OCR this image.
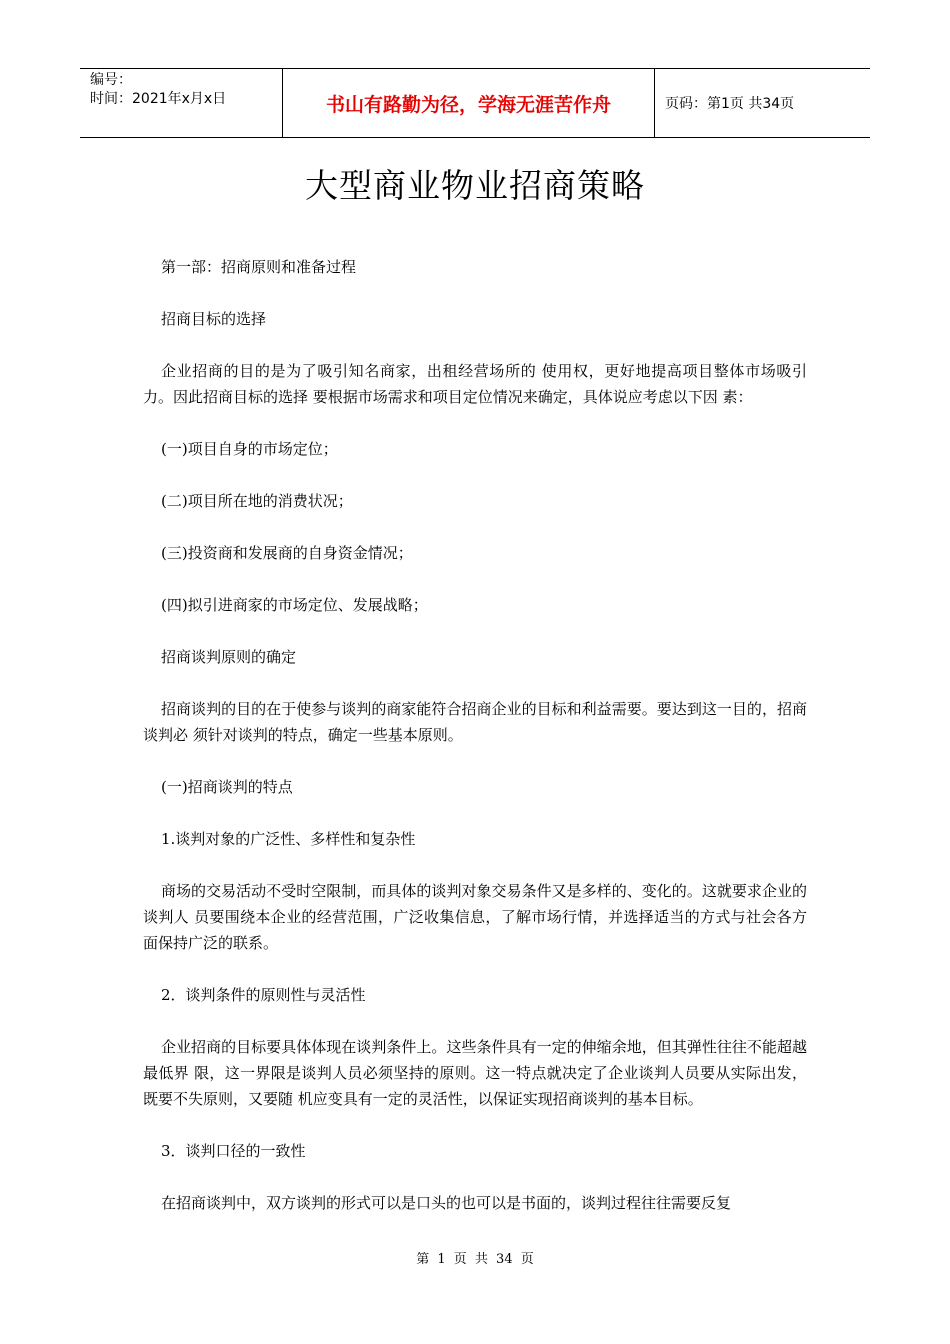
编号：
时间：2021年x月x日	书山有路勤为径，学海无涯苦作舟	页码：第1页 共34页
大型商业物业招商策略

第一部：招商原则和准备过程

招商目标的选择

企业招商的目的是为了吸引知名商家，出租经营场所的 使用权，更好地提高项目整体市场吸引力。因此招商目标的选择 要根据市场需求和项目定位情况来确定，具体说应考虑以下因 素：

(一)项目自身的市场定位；

(二)项目所在地的消费状况；

(三)投资商和发展商的自身资金情况；

(四)拟引进商家的市场定位、发展战略；

招商谈判原则的确定

招商谈判的目的在于使参与谈判的商家能符合招商企业的目标和利益需要。要达到这一目的，招商谈判必 须针对谈判的特点，确定一些基本原则。

(一)招商谈判的特点

1.谈判对象的广泛性、多样性和复杂性

商场的交易活动不受时空限制，而具体的谈判对象交易条件又是多样的、变化的。这就要求企业的谈判人 员要围绕本企业的经营范围，广泛收集信息，了解市场行情，并选择适当的方式与社会各方面保持广泛的联系。

2．谈判条件的原则性与灵活性

企业招商的目标要具体体现在谈判条件上。这些条件具有一定的伸缩余地，但其弹性往往不能超越最低界 限，这一界限是谈判人员必须坚持的原则。这一特点就决定了企业谈判人员要从实际出发，既要不失原则，又要随 机应变具有一定的灵活性，以保证实现招商谈判的基本目标。

3．谈判口径的一致性

在招商谈判中，双方谈判的形式可以是口头的也可以是书面的，谈判过程往往需要反复

第 1 页 共 34 页
